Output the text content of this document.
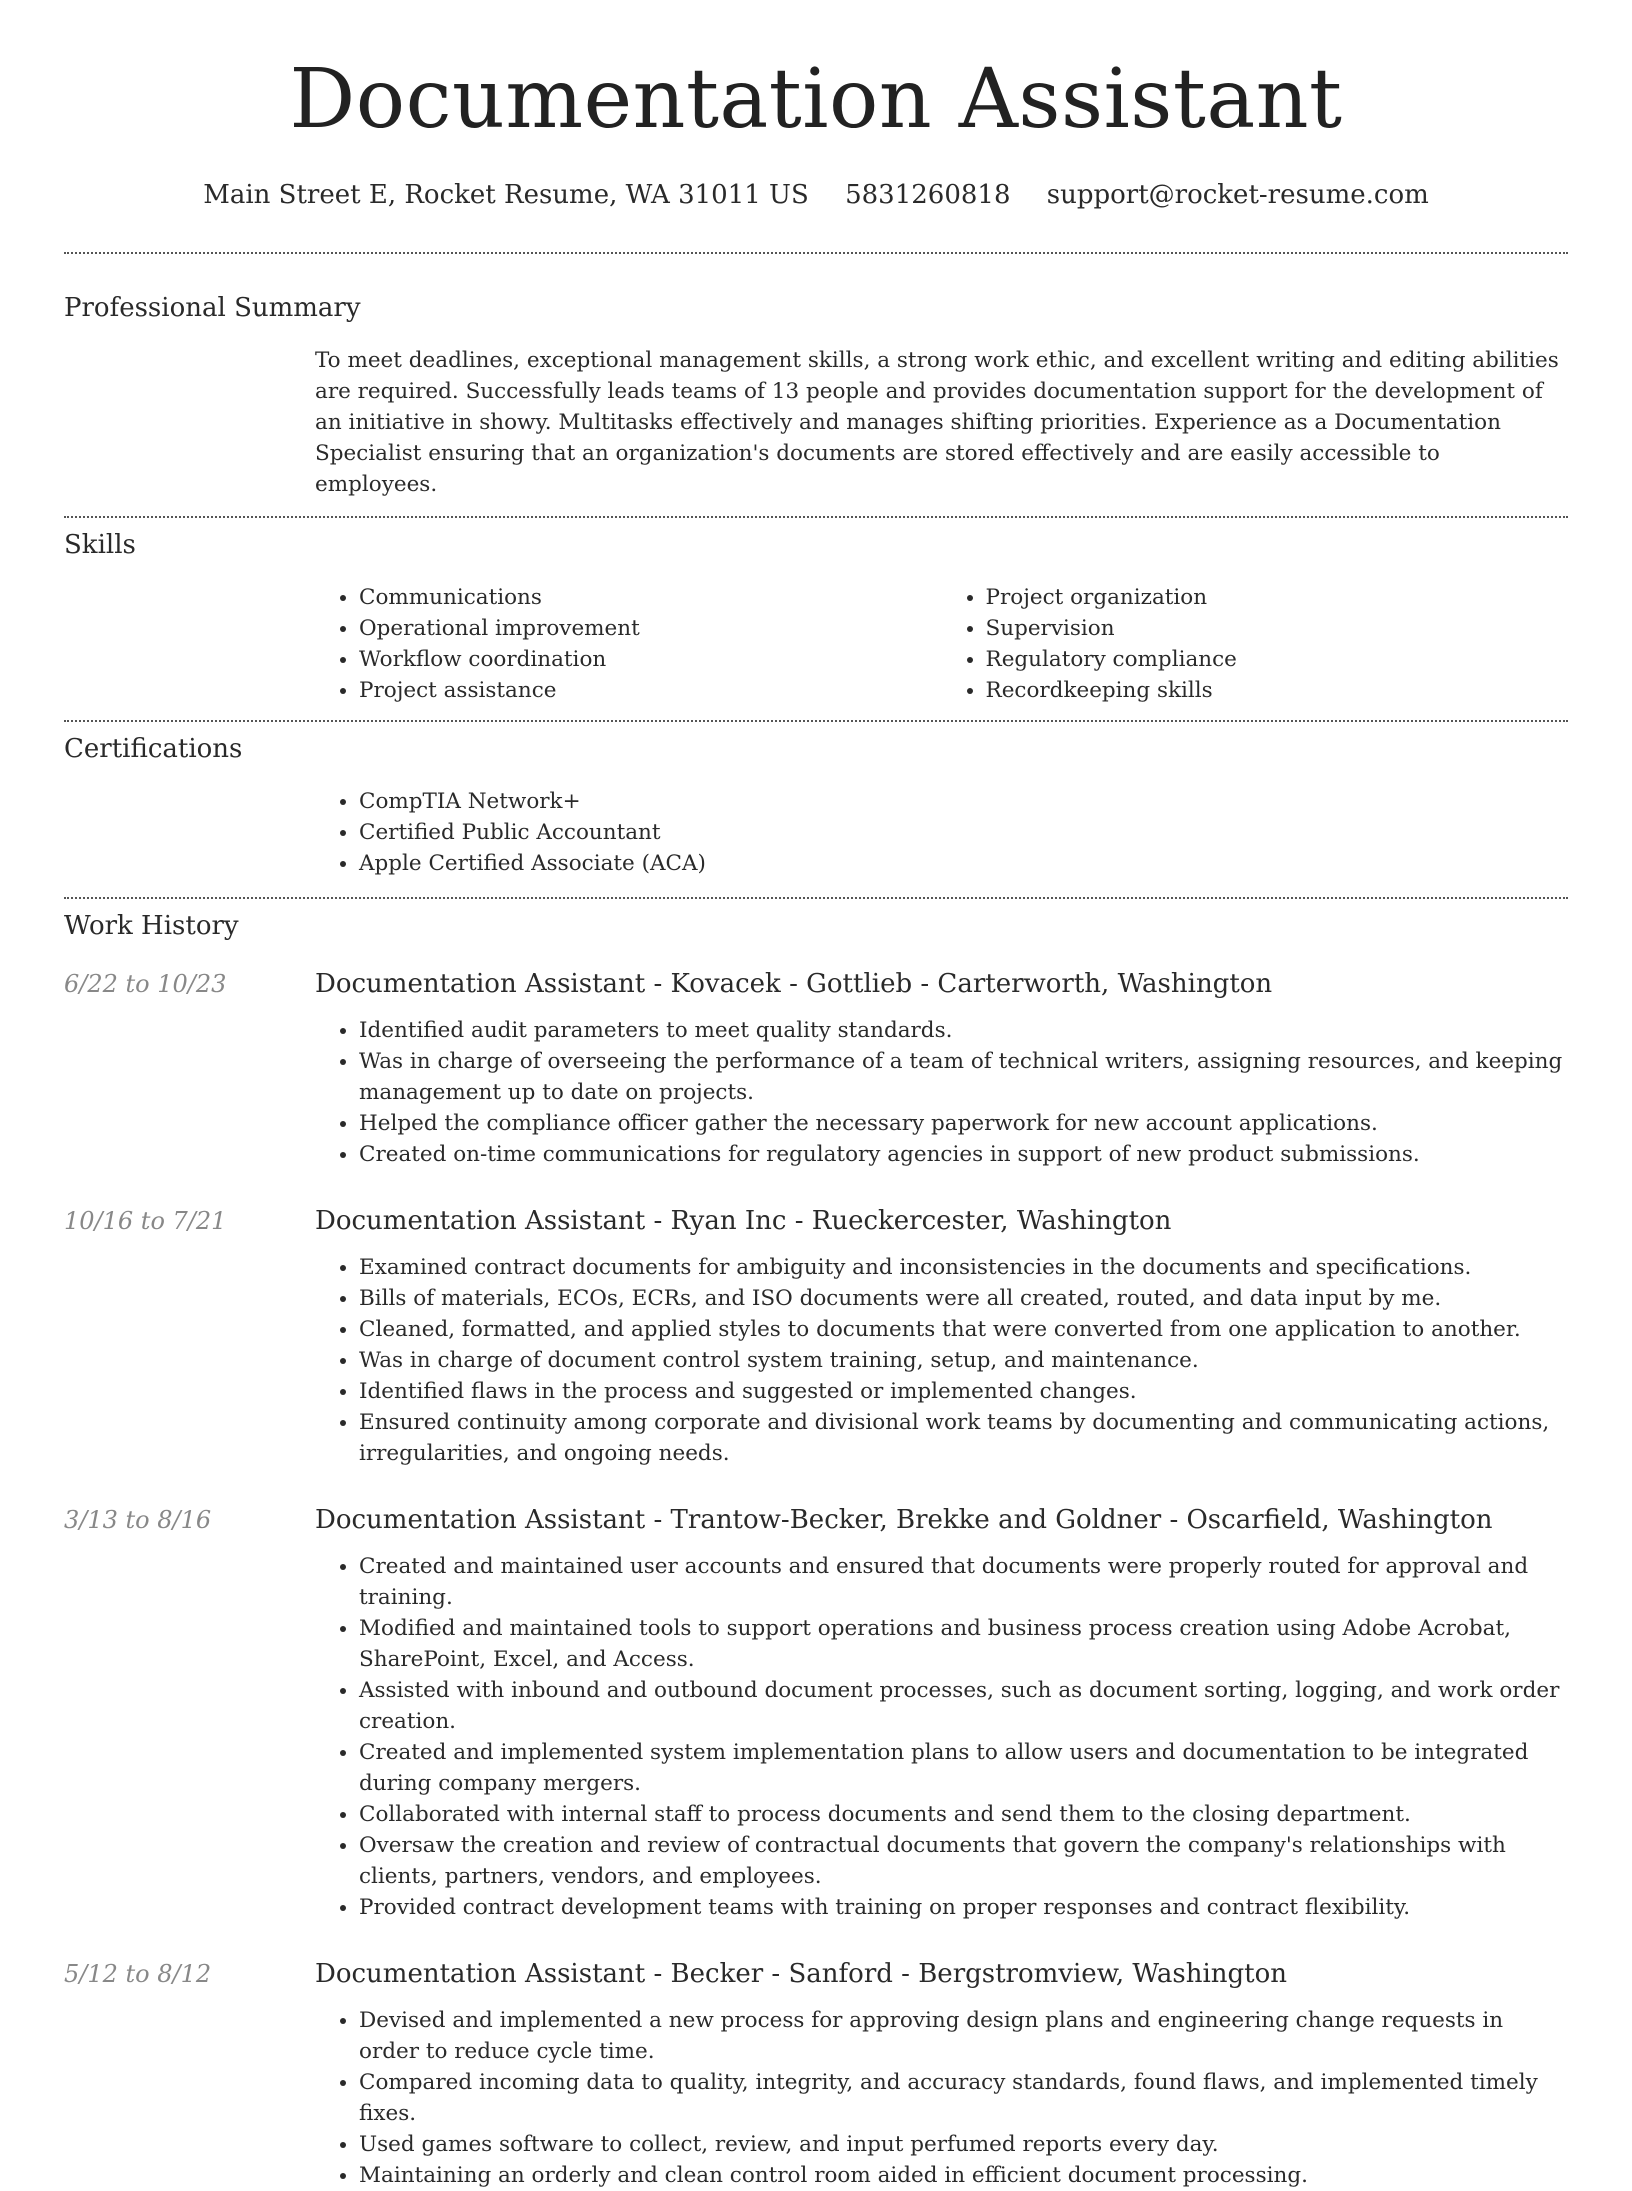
Documentation Assistant
Main Street E, Rocket Resume, WA 31011 US 5831260818 support@rocket-resume.com
Professional Summary

To meet deadlines, exceptional management skills, a strong work ethic, and excellent writing and editing abilities are required. Successfully leads teams of 13 people and provides documentation support for the development of an initiative in showy. Multitasks effectively and manages shifting priorities. Experience as a Documentation Specialist ensuring that an organization's documents are stored effectively and are easily accessible to employees.

Skills
• Communications
• Operational improvement
• Workflow coordination
• Project assistance
• Project organization
• Supervision
• Regulatory compliance
• Recordkeeping skills
Certifications
• CompTIA Network+
• Certified Public Accountant
• Apple Certified Associate (ACA)
Work History
6/22 to 10/23	Documentation Assistant - Kovacek - Gottlieb - Carterworth, Washington
• Identified audit parameters to meet quality standards.
• Was in charge of overseeing the performance of a team of technical writers, assigning resources, and keeping management up to date on projects.
• Helped the compliance officer gather the necessary paperwork for new account applications.
• Created on-time communications for regulatory agencies in support of new product submissions.
10/16 to 7/21	Documentation Assistant - Ryan Inc - Rueckercester, Washington
• Examined contract documents for ambiguity and inconsistencies in the documents and specifications.
• Bills of materials, ECOs, ECRs, and ISO documents were all created, routed, and data input by me.
• Cleaned, formatted, and applied styles to documents that were converted from one application to another.
• Was in charge of document control system training, setup, and maintenance.
• Identified flaws in the process and suggested or implemented changes.
• Ensured continuity among corporate and divisional work teams by documenting and communicating actions, irregularities, and ongoing needs.
3/13 to 8/16	Documentation Assistant - Trantow-Becker, Brekke and Goldner - Oscarfield, Washington
• Created and maintained user accounts and ensured that documents were properly routed for approval and training.
• Modified and maintained tools to support operations and business process creation using Adobe Acrobat, SharePoint, Excel, and Access.
• Assisted with inbound and outbound document processes, such as document sorting, logging, and work order creation.
• Created and implemented system implementation plans to allow users and documentation to be integrated during company mergers.
• Collaborated with internal staff to process documents and send them to the closing department.
• Oversaw the creation and review of contractual documents that govern the company's relationships with clients, partners, vendors, and employees.
• Provided contract development teams with training on proper responses and contract flexibility.
5/12 to 8/12	Documentation Assistant - Becker - Sanford - Bergstromview, Washington
• Devised and implemented a new process for approving design plans and engineering change requests in order to reduce cycle time.
• Compared incoming data to quality, integrity, and accuracy standards, found flaws, and implemented timely fixes.
• Used games software to collect, review, and input perfumed reports every day.
• Maintaining an orderly and clean control room aided in efficient document processing.
